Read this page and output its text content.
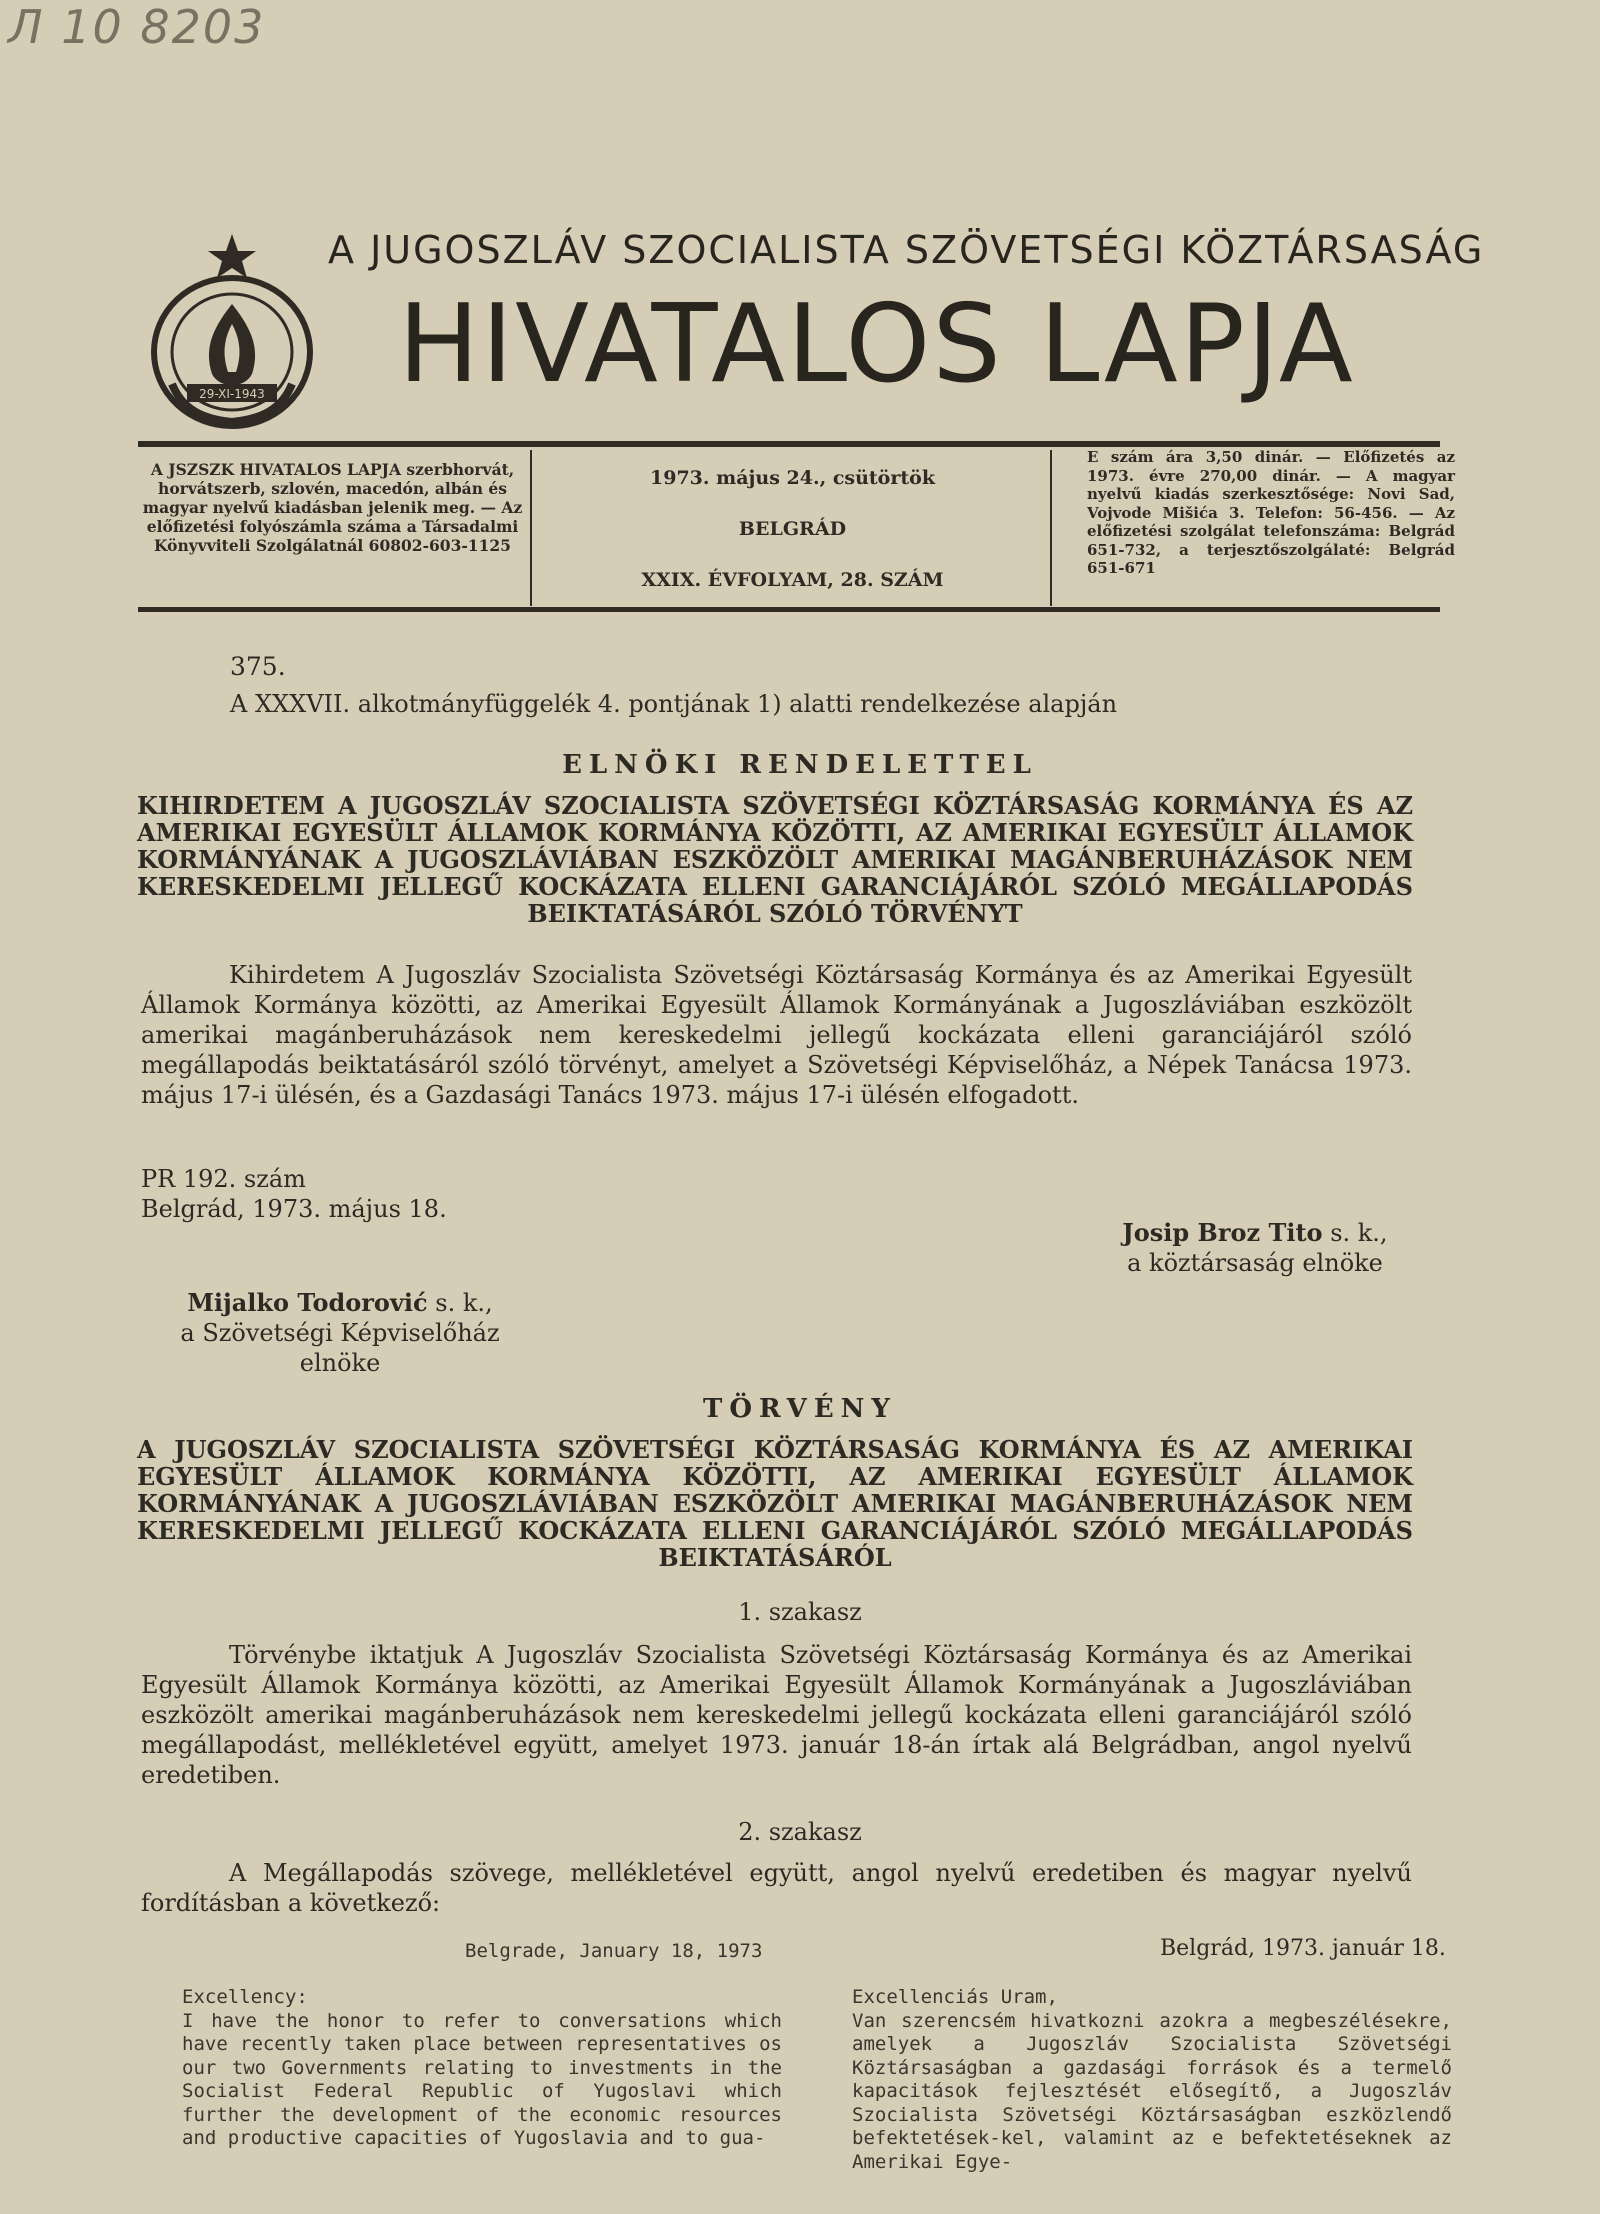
Л 10 8203
29-XI-1943
A JUGOSZLÁV SZOCIALISTA SZÖVETSÉGI KÖZTÁRSASÁG
HIVATALOS LAPJA
A JSZSZK HIVATALOS LAPJA szerbhorvát, horvátszerb, szlovén, macedón, albán és magyar nyelvű kiadásban jelenik meg. — Az előfizetési folyószámla száma a Társadalmi Könyvviteli Szolgálatnál 60802-603-1125
1973. május 24., csütörtök
BELGRÁD
XXIX. ÉVFOLYAM, 28. SZÁM
E szám ára 3,50 dinár. — Előfizetés az 1973. évre 270,00 dinár. — A magyar nyelvű kiadás szerkesztősége: Novi Sad, Vojvode Mišića 3. Telefon: 56-456. — Az előfizetési szolgálat telefonszáma: Belgrád 651-732, a terjesztőszolgálaté: Belgrád 651-671
375.
A XXXVII. alkotmányfüggelék 4. pontjának 1) alatti rendelkezése alapján
ELNÖKI RENDELETTEL
KIHIRDETEM A JUGOSZLÁV SZOCIALISTA SZÖVETSÉGI KÖZTÁRSASÁG KORMÁNYA ÉS AZ AMERIKAI EGYESÜLT ÁLLAMOK KORMÁNYA KÖZÖTTI, AZ AMERIKAI EGYESÜLT ÁLLAMOK KORMÁNYÁNAK A JUGOSZLÁVIÁBAN ESZKÖZÖLT AMERIKAI MAGÁNBERUHÁZÁSOK NEM KERESKEDELMI JELLEGŰ KOCKÁZATA ELLENI GARANCIÁJÁRÓL SZÓLÓ MEGÁLLAPODÁS BEIKTATÁSÁRÓL SZÓLÓ TÖRVÉNYT
Kihirdetem A Jugoszláv Szocialista Szövetségi Köztársaság Kormánya és az Amerikai Egyesült Államok Kormánya közötti, az Amerikai Egyesült Államok Kormányának a Jugoszláviában eszközölt amerikai magánberuházások nem kereskedelmi jellegű kockázata elleni garanciájáról szóló megállapodás beiktatásáról szóló törvényt, amelyet a Szövetségi Képviselőház, a Népek Tanácsa 1973. május 17-i ülésén, és a Gazdasági Tanács 1973. május 17-i ülésén elfogadott.
PR 192. szám
Belgrád, 1973. május 18.
Josip Broz Tito s. k.,
a köztársaság elnöke
Mijalko Todorović s. k.,
a Szövetségi Képviselőház
elnöke
TÖRVÉNY
A JUGOSZLÁV SZOCIALISTA SZÖVETSÉGI KÖZTÁRSASÁG KORMÁNYA ÉS AZ AMERIKAI EGYESÜLT ÁLLAMOK KORMÁNYA KÖZÖTTI, AZ AMERIKAI EGYESÜLT ÁLLAMOK KORMÁNYÁNAK A JUGOSZLÁVIÁBAN ESZKÖZÖLT AMERIKAI MAGÁNBERUHÁZÁSOK NEM KERESKEDELMI JELLEGŰ KOCKÁZATA ELLENI GARANCIÁJÁRÓL SZÓLÓ MEGÁLLAPODÁS BEIKTATÁSÁRÓL
1. szakasz
Törvénybe iktatjuk A Jugoszláv Szocialista Szövetségi Köztársaság Kormánya és az Amerikai Egyesült Államok Kormánya közötti, az Amerikai Egyesült Államok Kormányának a Jugoszláviában eszközölt amerikai magánberuházások nem kereskedelmi jellegű kockázata elleni garanciájáról szóló megállapodást, mellékletével együtt, amelyet 1973. január 18-án írtak alá Belgrádban, angol nyelvű eredetiben.
2. szakasz
A Megállapodás szövege, mellékletével együtt, angol nyelvű eredetiben és magyar nyelvű fordításban a következő:
Belgrade, January 18, 1973	Belgrád, 1973. január 18.
Excellency:
I have the honor to refer to conversations which have recently taken place between representatives os our two Governments relating to investments in the Socialist Federal Republic of Yugoslavi which further the development of the economic resources and productive capacities of Yugoslavia and to gua-
Excellenciás Uram,
Van szerencsém hivatkozni azokra a megbeszélésekre, amelyek a Jugoszláv Szocialista Szövetségi Köztársaságban a gazdasági források és a termelő kapacitások fejlesztését elősegítő, a Jugoszláv Szocialista Szövetségi Köztársaságban eszközlendő befektetések-kel, valamint az e befektetéseknek az Amerikai Egye-
